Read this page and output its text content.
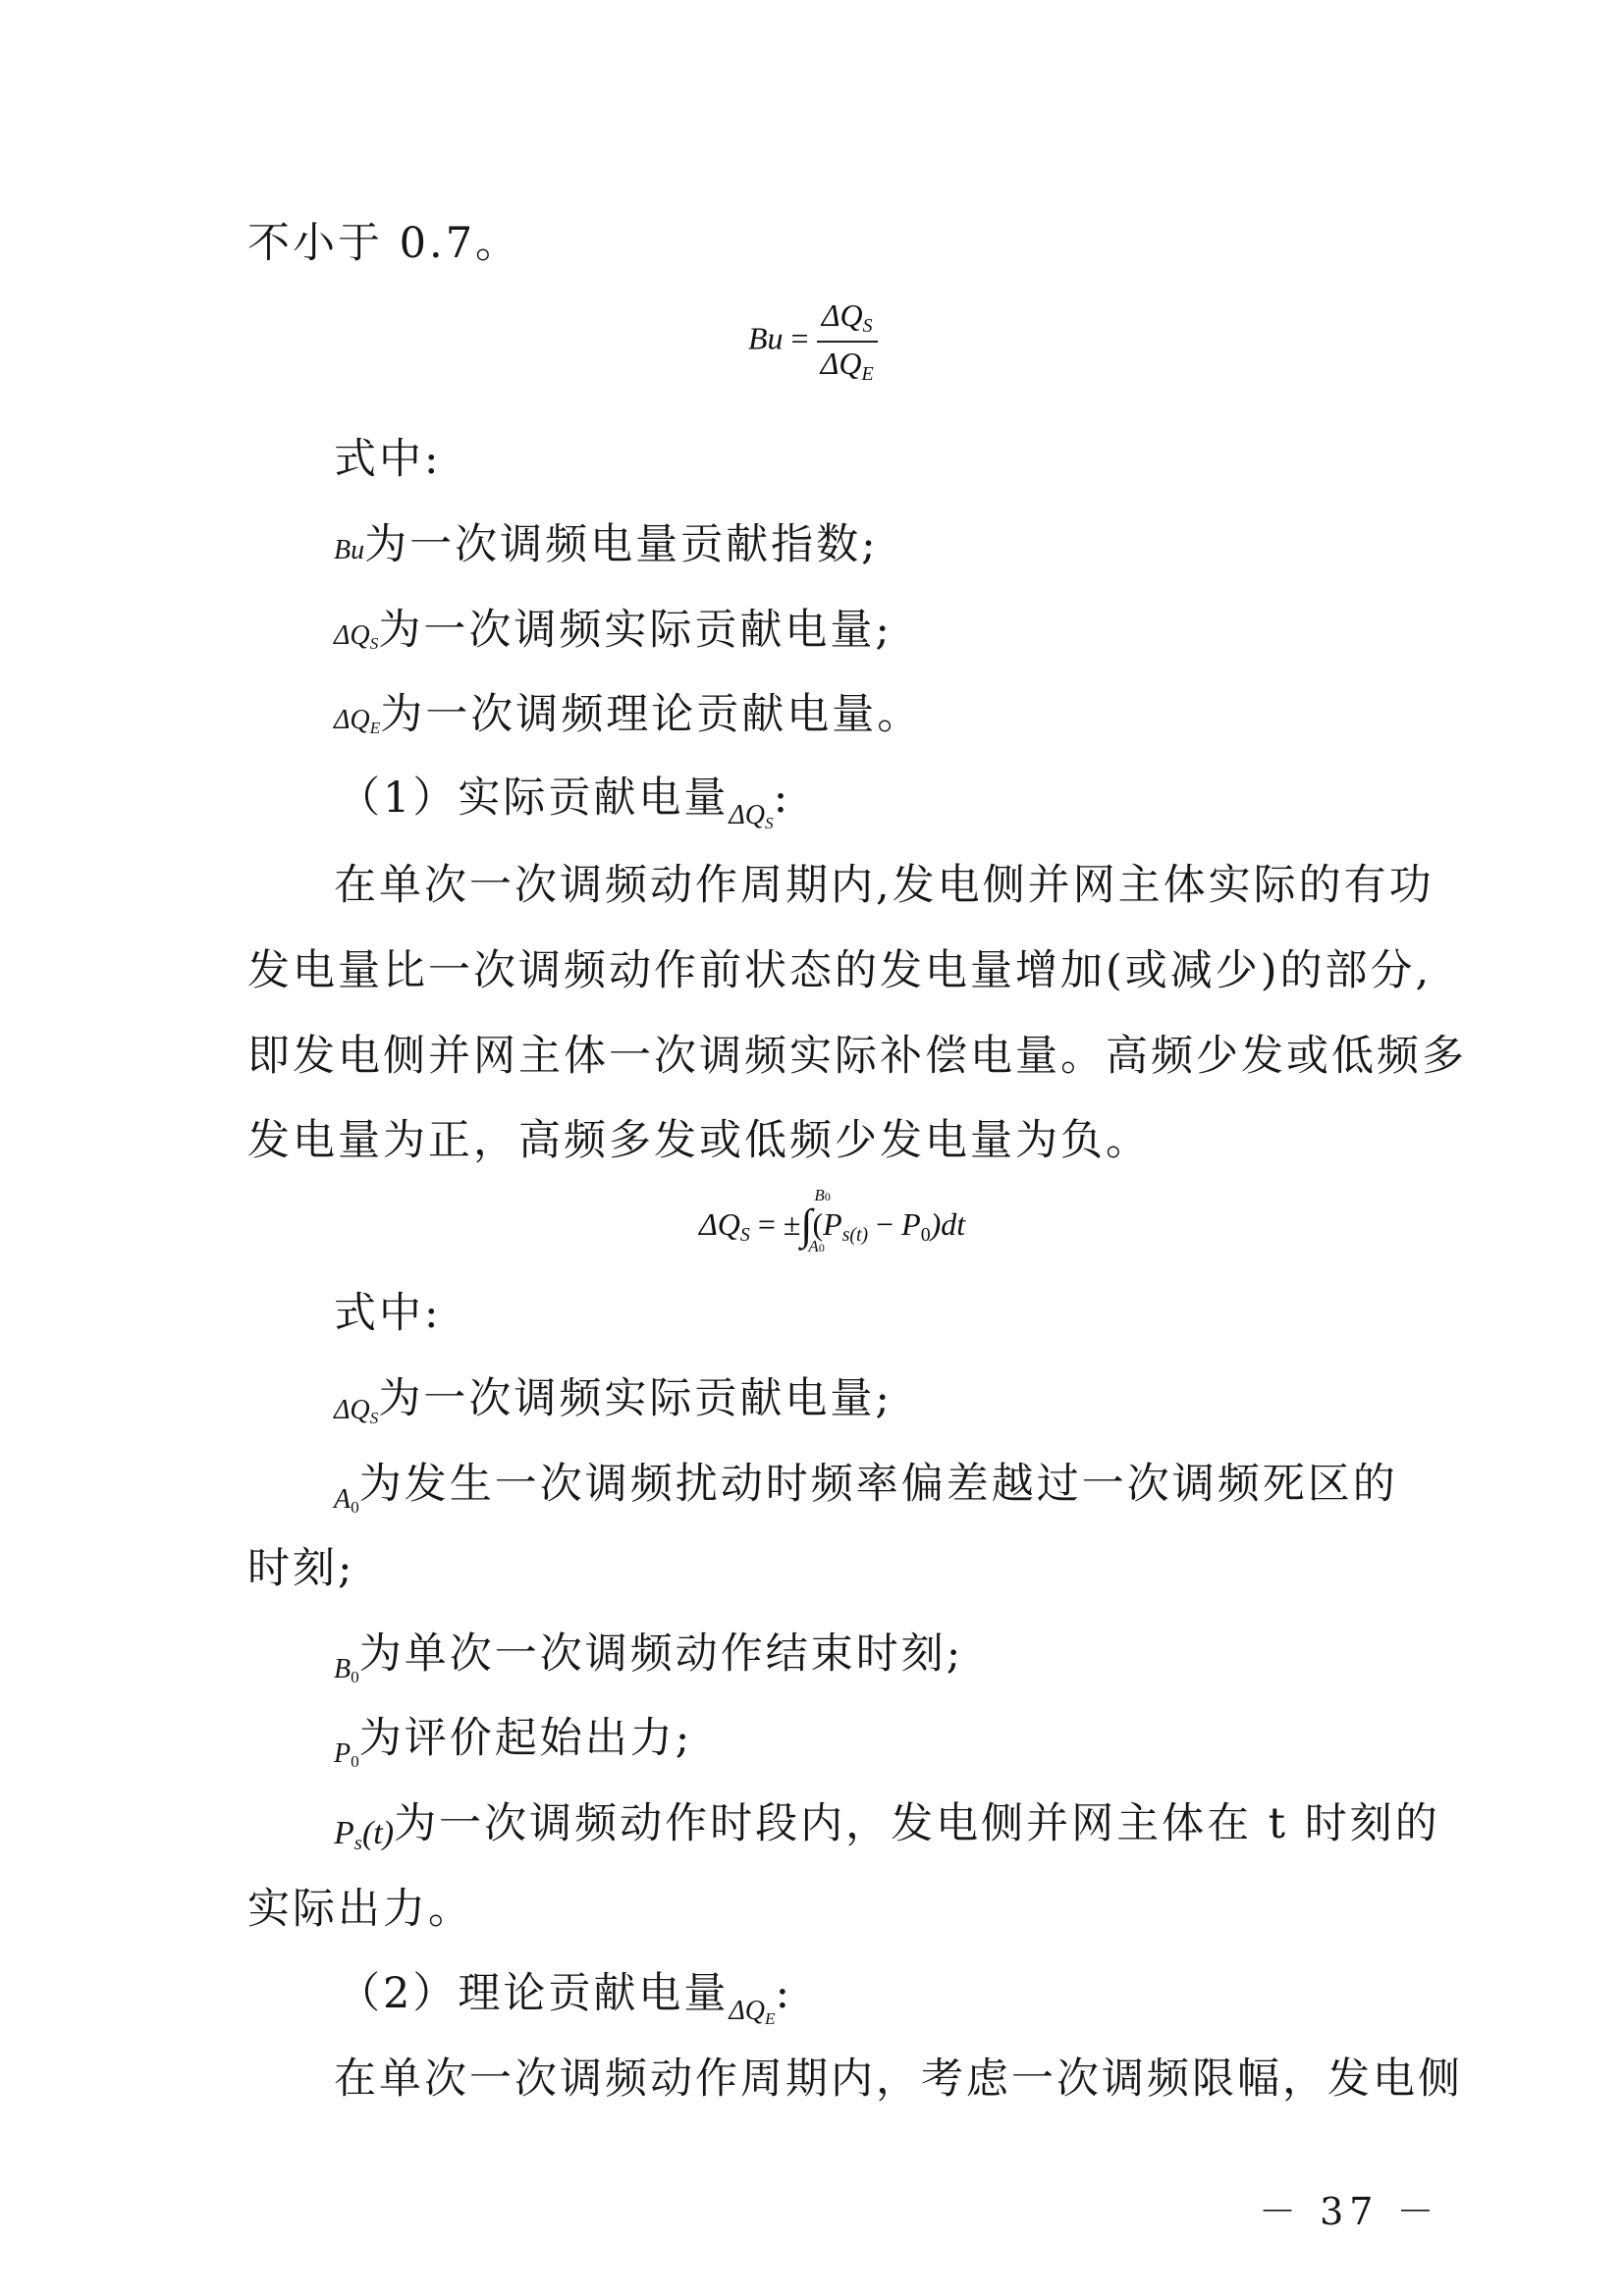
不小于 0.7。
$Bu = \frac{\text{ΔQS}}{\text{ΔQE}}$
式中:
Bu为一次调频电量贡献指数;
ΔQS为一次调频实际贡献电量;
ΔQE为一次调频理论贡献电量。
（1）实际贡献电量$_{\Delta QS}$:
在单次一次调频动作周期内,发电侧并网主体实际的有功
发电量比一次调频动作前状态的发电量增加(或减少)的部分,
即发电侧并网主体一次调频实际补偿电量。高频少发或低频多
发电量为正，高频多发或低频少发电量为负。
ΔQS = ±∫
B0
A0
(Ps(t) − P0)dt
式中:
ΔQS为一次调频实际贡献电量;
$_{A0}$为发生一次调频扰动时频率偏差越过一次调频死区的
时刻;
$_{B0}$为单次一次调频动作结束时刻;
$_{P0}$为评价起始出力;
Ps(t)为一次调频动作时段内，发电侧并网主体在 t 时刻的
实际出力。
（2）理论贡献电量$_{\Delta QE}$:
在单次一次调频动作周期内，考虑一次调频限幅，发电侧
－ 37 －
